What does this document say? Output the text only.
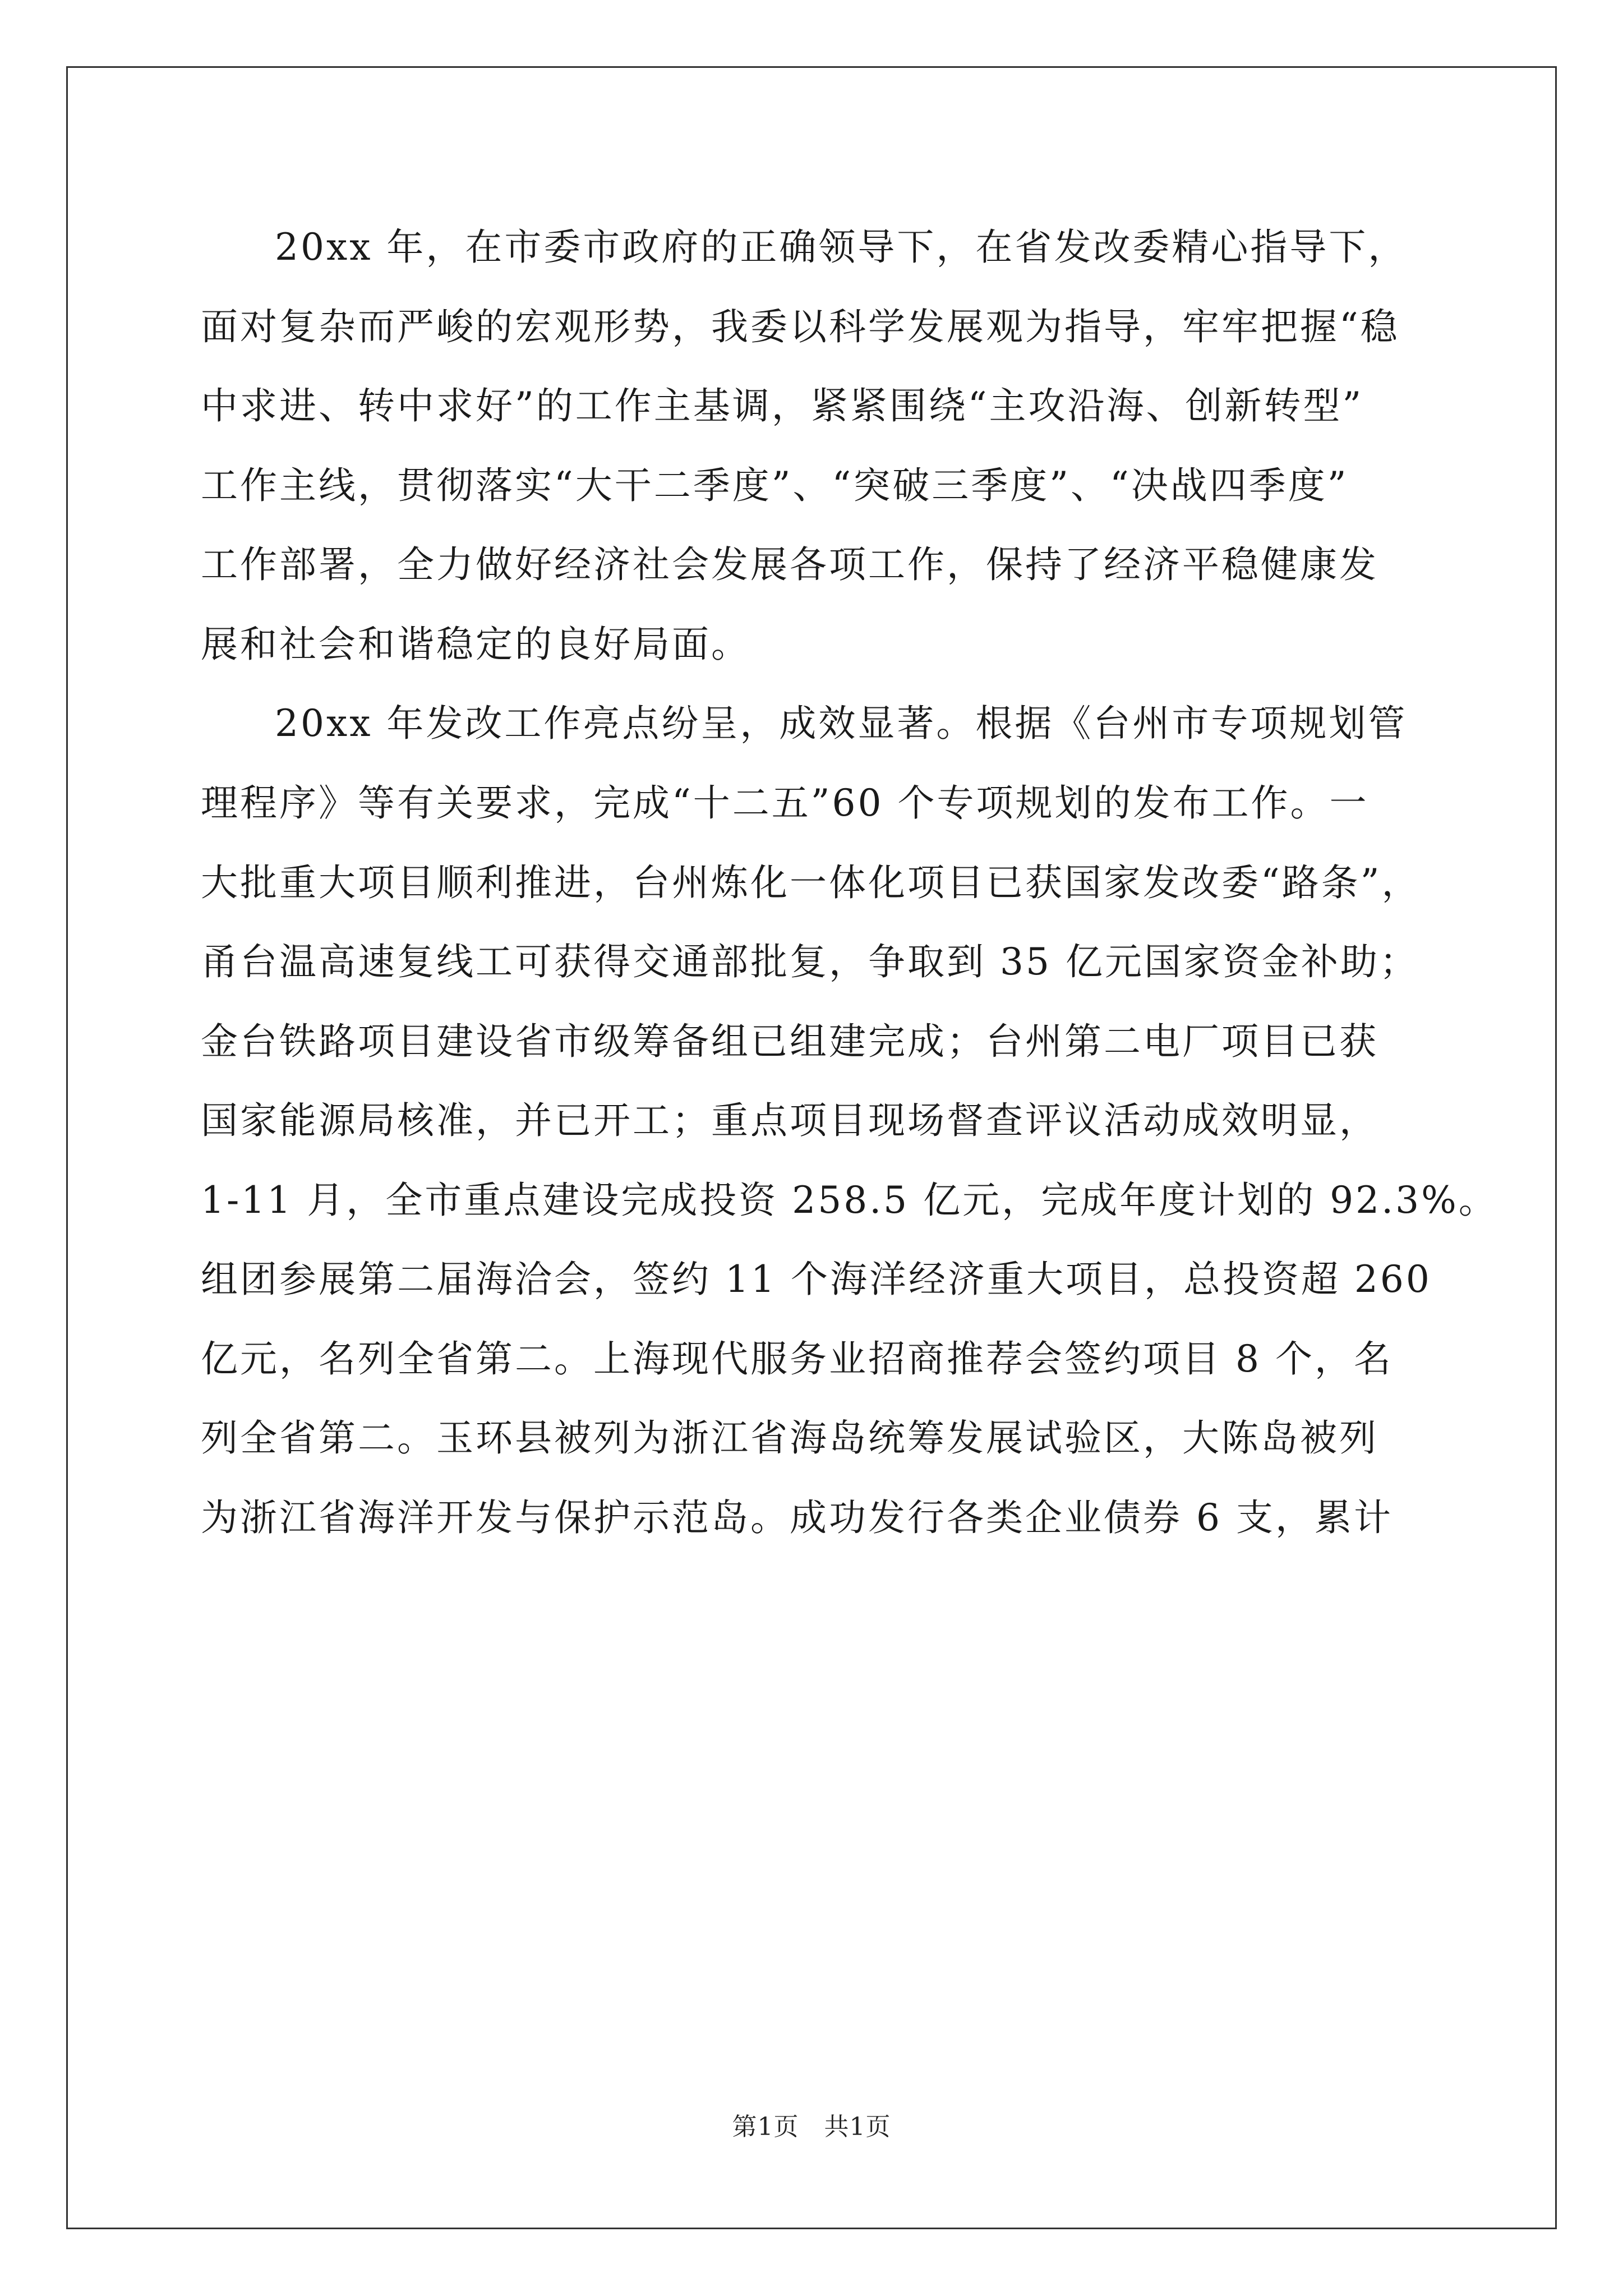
20xx 年，在市委市政府的正确领导下，在省发改委精心指导下，
面对复杂而严峻的宏观形势，我委以科学发展观为指导，牢牢把握“稳
中求进、转中求好”的工作主基调，紧紧围绕“主攻沿海、创新转型”
工作主线，贯彻落实“大干二季度”、“突破三季度”、“决战四季度”
工作部署，全力做好经济社会发展各项工作，保持了经济平稳健康发
展和社会和谐稳定的良好局面。
20xx 年发改工作亮点纷呈，成效显著。根据《台州市专项规划管
理程序》等有关要求，完成“十二五”60 个专项规划的发布工作。一
大批重大项目顺利推进，台州炼化一体化项目已获国家发改委“路条”，
甬台温高速复线工可获得交通部批复，争取到 35 亿元国家资金补助；
金台铁路项目建设省市级筹备组已组建完成；台州第二电厂项目已获
国家能源局核准，并已开工；重点项目现场督查评议活动成效明显，
1-11 月，全市重点建设完成投资 258.5 亿元，完成年度计划的 92.3%。
组团参展第二届海洽会，签约 11 个海洋经济重大项目，总投资超 260
亿元，名列全省第二。上海现代服务业招商推荐会签约项目 8 个，名
列全省第二。玉环县被列为浙江省海岛统筹发展试验区，大陈岛被列
为浙江省海洋开发与保护示范岛。成功发行各类企业债券 6 支，累计
第1页 共1页
